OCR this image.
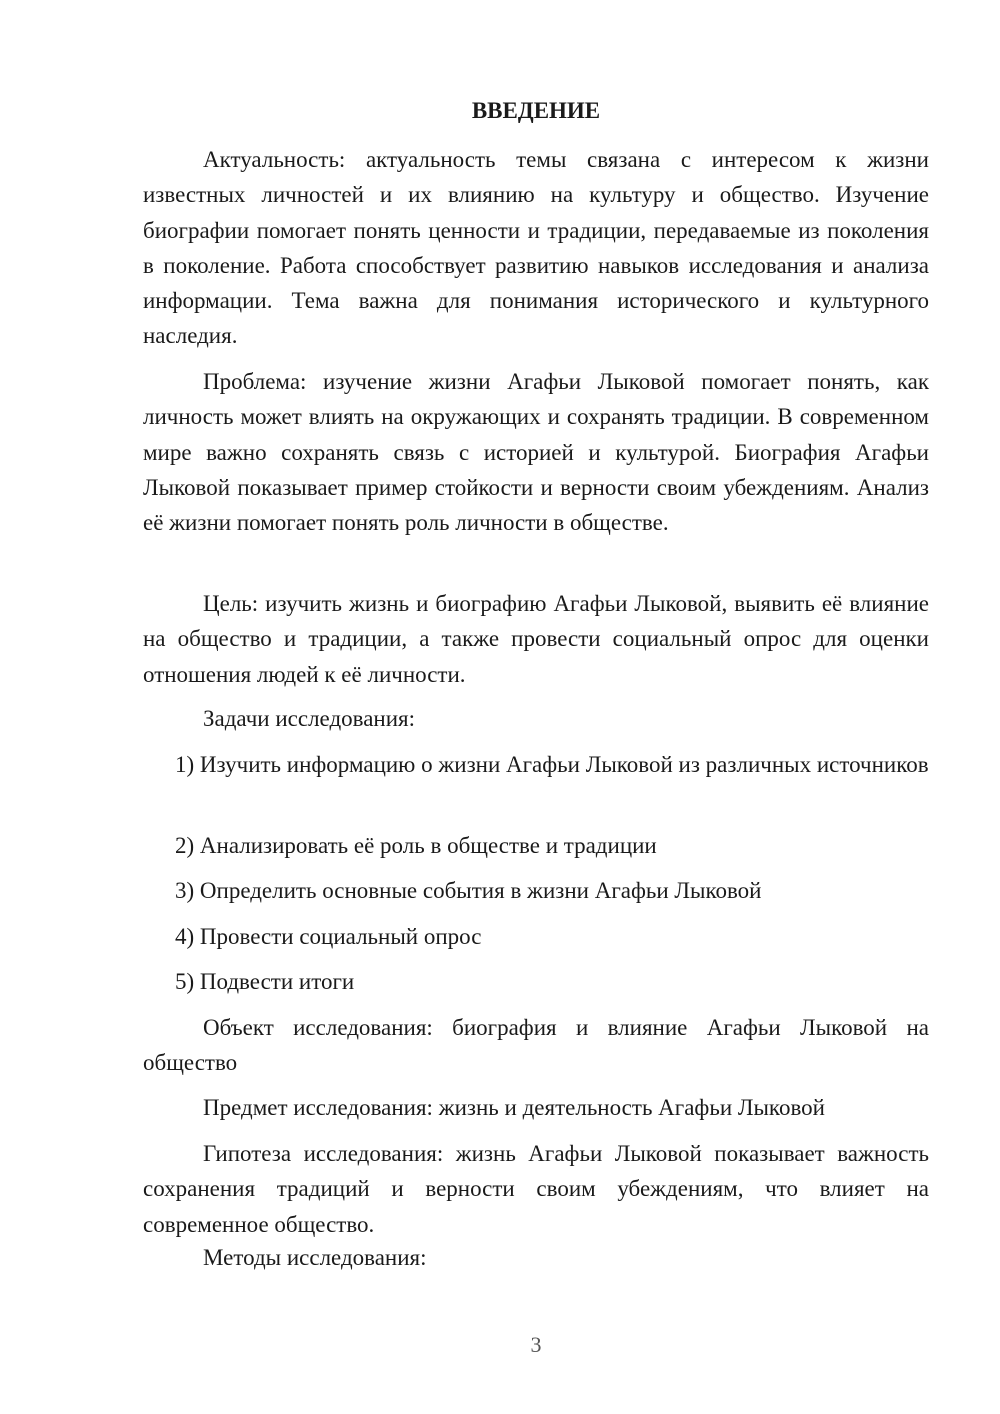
ВВЕДЕНИЕ

Актуальность: актуальность темы связана с интересом к жизни известных личностей и их влиянию на культуру и общество. Изучение биографии помогает понять ценности и традиции, передаваемые из поколения в поколение. Работа способствует развитию навыков исследования и анализа информации. Тема важна для понимания исторического и культурного наследия.

Проблема: изучение жизни Агафьи Лыковой помогает понять, как личность может влиять на окружающих и сохранять традиции. В современном мире важно сохранять связь с историей и культурой. Биография Агафьи Лыковой показывает пример стойкости и верности своим убеждениям. Анализ её жизни помогает понять роль личности в обществе.

Цель: изучить жизнь и биографию Агафьи Лыковой, выявить её влияние на общество и традиции, а также провести социальный опрос для оценки отношения людей к её личности.

Задачи исследования:

1) Изучить информацию о жизни Агафьи Лыковой из различных источников

2) Анализировать её роль в обществе и традиции

3) Определить основные события в жизни Агафьи Лыковой

4) Провести социальный опрос

5) Подвести итоги

Объект исследования: биография и влияние Агафьи Лыковой на общество

Предмет исследования: жизнь и деятельность Агафьи Лыковой

Гипотеза исследования: жизнь Агафьи Лыковой показывает важность сохранения традиций и верности своим убеждениям, что влияет на современное общество.

Методы исследования:

3
